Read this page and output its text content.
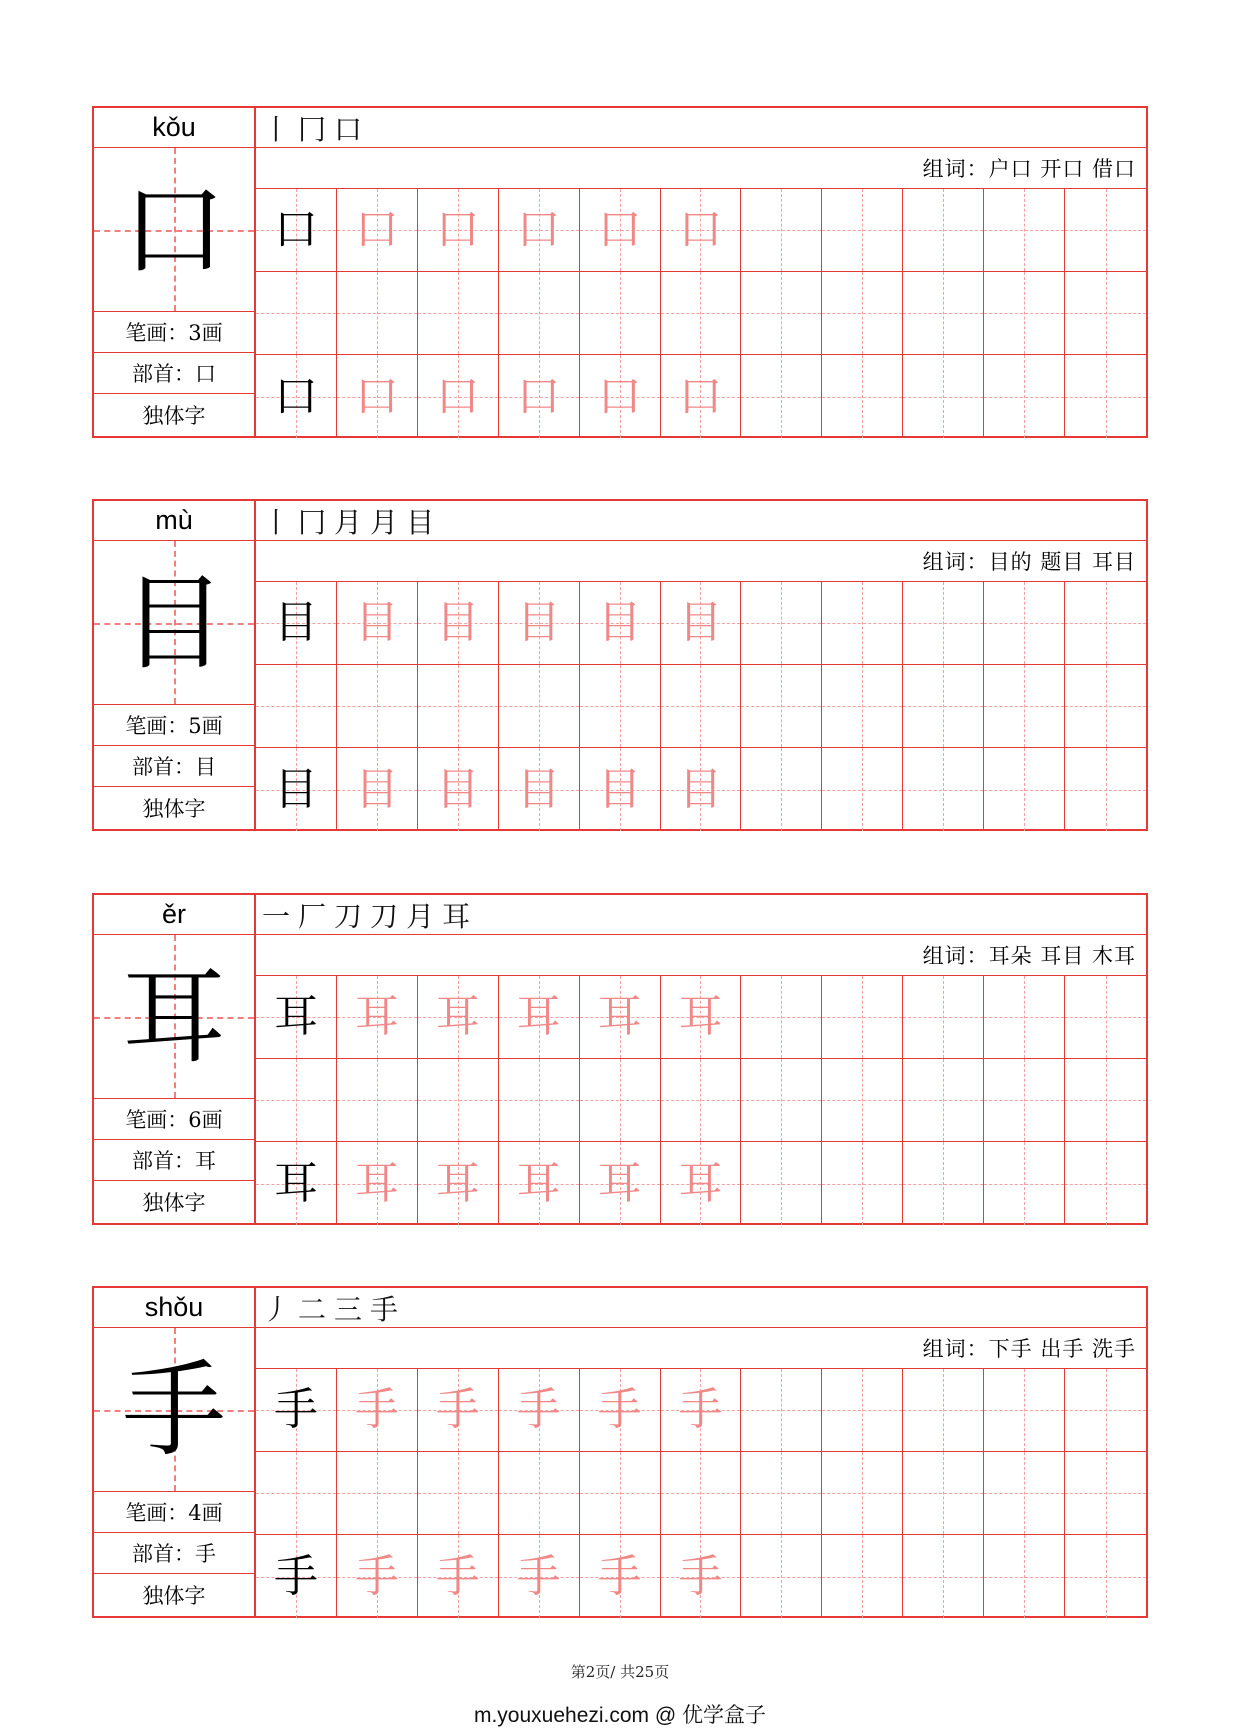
kǒu
口
笔画：3画
部首：口
独体字
丨 冂 口
组词：户口 开口 借口
口 口 口 口 口 口
口 口 口 口 口 口
mù
目
笔画：5画
部首：目
独体字
丨 冂 月 月 目
组词：目的 题目 耳目
目 目 目 目 目 目
目 目 目 目 目 目
ěr
耳
笔画：6画
部首：耳
独体字
一 厂 刀 刀 月 耳
组词：耳朵 耳目 木耳
耳 耳 耳 耳 耳 耳
耳 耳 耳 耳 耳 耳
shǒu
手
笔画：4画
部首：手
独体字
丿 二 三 手
组词：下手 出手 洗手
手 手 手 手 手 手
手 手 手 手 手 手
第2页/ 共25页
m.youxuehezi.com @ 优学盒子
